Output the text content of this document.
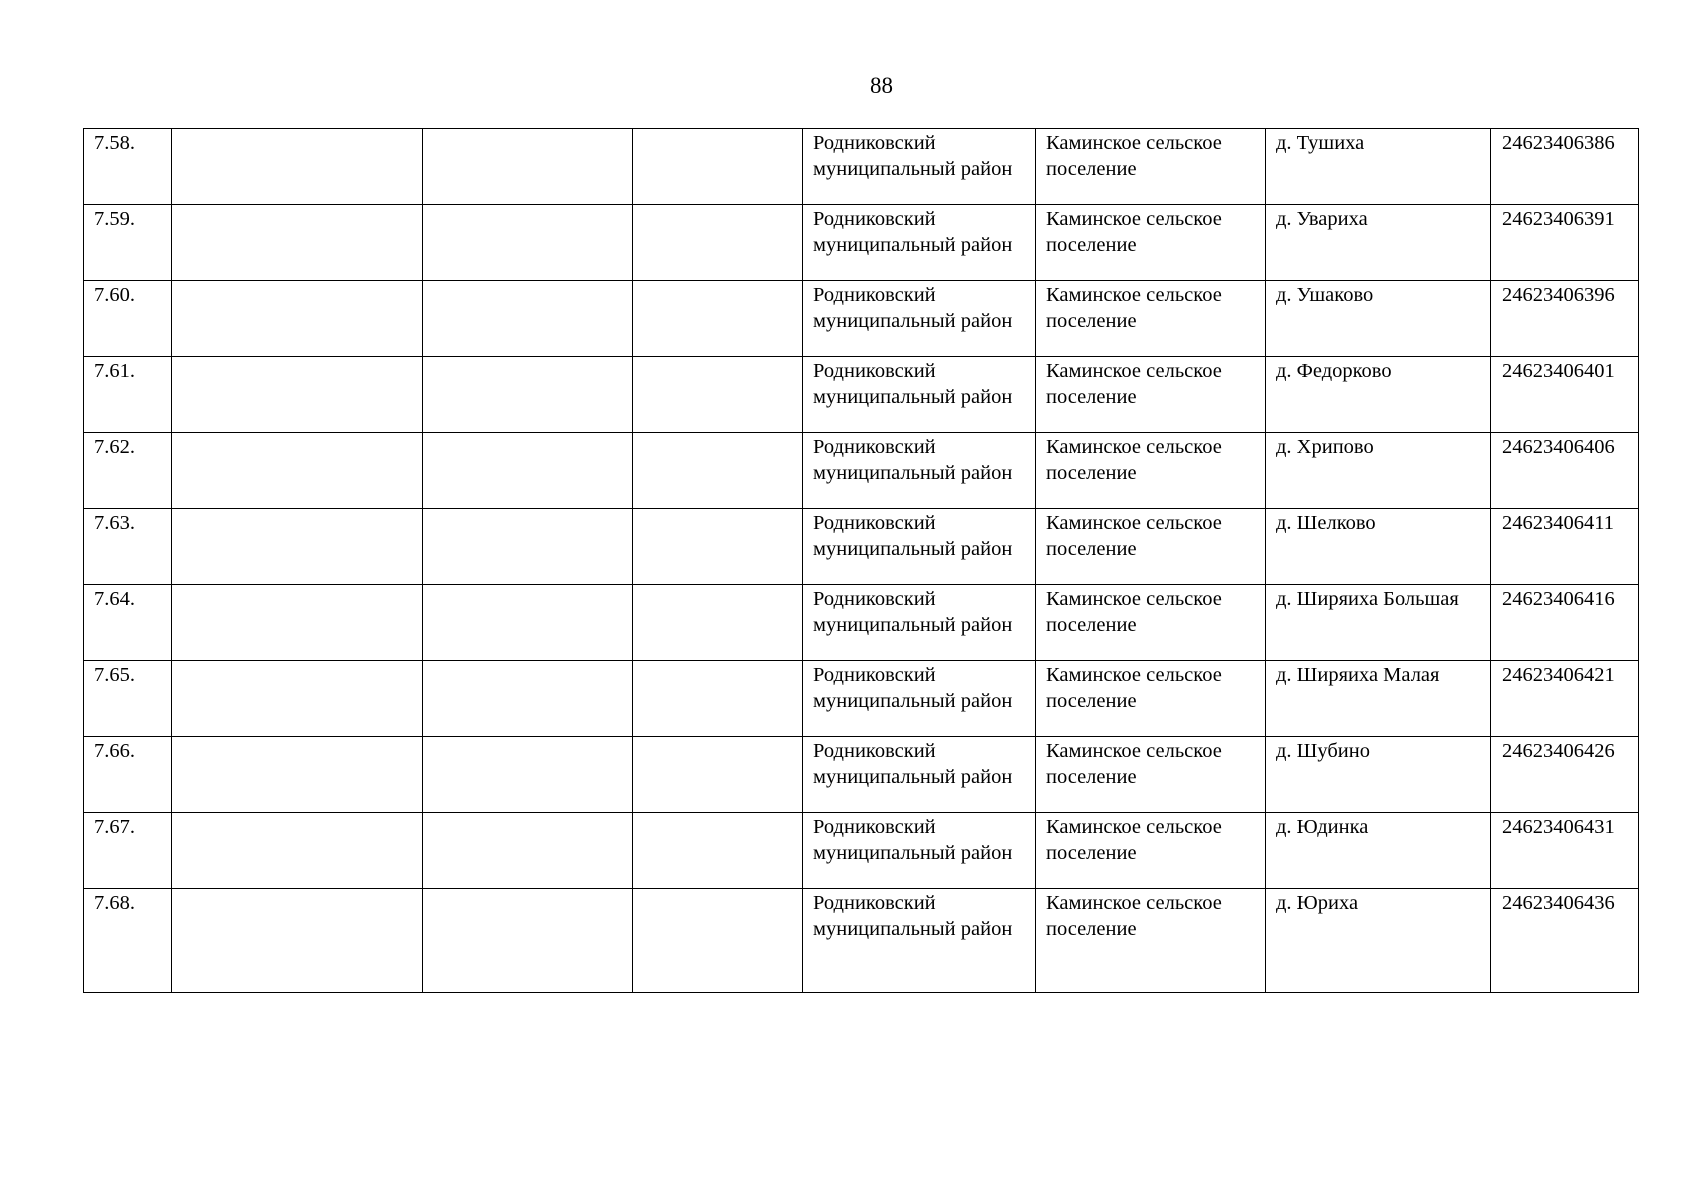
88
7.58.				Родниковский муниципальный район	Каминское сельское поселение	д. Тушиха	24623406386
7.59.				Родниковский муниципальный район	Каминское сельское поселение	д. Увариха	24623406391
7.60.				Родниковский муниципальный район	Каминское сельское поселение	д. Ушаково	24623406396
7.61.				Родниковский муниципальный район	Каминское сельское поселение	д. Федорково	24623406401
7.62.				Родниковский муниципальный район	Каминское сельское поселение	д. Хрипово	24623406406
7.63.				Родниковский муниципальный район	Каминское сельское поселение	д. Шелково	24623406411
7.64.				Родниковский муниципальный район	Каминское сельское поселение	д. Ширяиха Большая	24623406416
7.65.				Родниковский муниципальный район	Каминское сельское поселение	д. Ширяиха Малая	24623406421
7.66.				Родниковский муниципальный район	Каминское сельское поселение	д. Шубино	24623406426
7.67.				Родниковский муниципальный район	Каминское сельское поселение	д. Юдинка	24623406431
7.68.				Родниковский муниципальный район	Каминское сельское поселение	д. Юриха	24623406436
